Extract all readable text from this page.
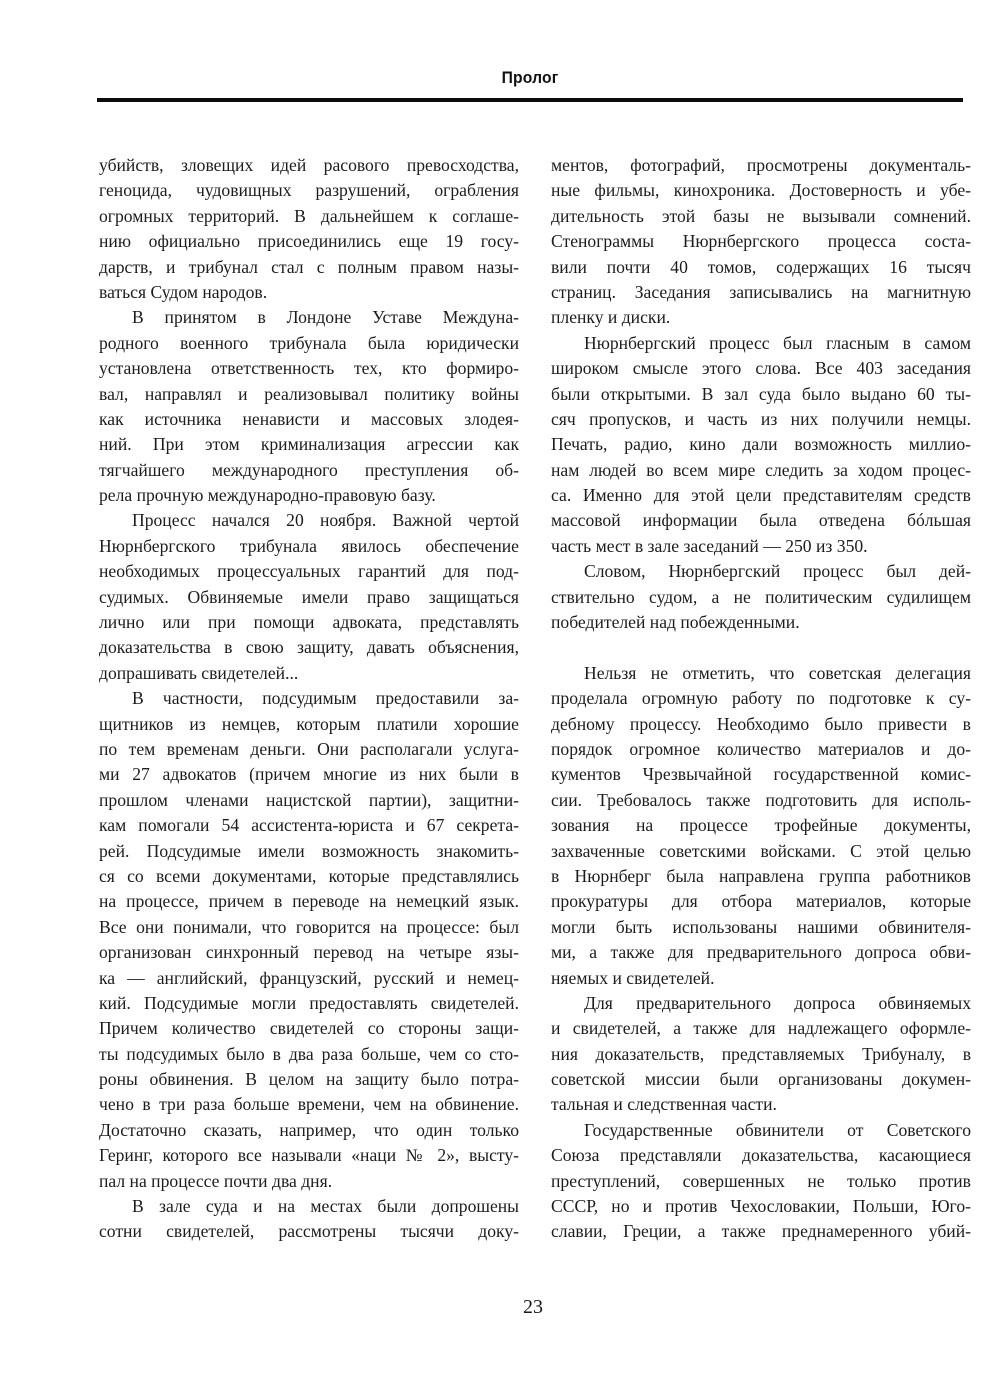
Пролог
убийств, зловещих идей расового превосходства,
геноцида, чудовищных разрушений, ограбления
огромных территорий. В дальнейшем к соглаше-
нию официально присоединились еще 19 госу-
дарств, и трибунал стал с полным правом назы-
ваться Судом народов.
В принятом в Лондоне Уставе Междуна-
родного военного трибунала была юридически
установлена ответственность тех, кто формиро-
вал, направлял и реализовывал политику войны
как источника ненависти и массовых злодея-
ний. При этом криминализация агрессии как
тягчайшего международного преступления об-
рела прочную международно-правовую базу.
Процесс начался 20 ноября. Важной чертой
Нюрнбергского трибунала явилось обеспечение
необходимых процессуальных гарантий для под-
судимых. Обвиняемые имели право защищаться
лично или при помощи адвоката, представлять
доказательства в свою защиту, давать объяснения,
допрашивать свидетелей...
В частности, подсудимым предоставили за-
щитников из немцев, которым платили хорошие
по тем временам деньги. Они располагали услуга-
ми 27 адвокатов (причем многие из них были в
прошлом членами нацистской партии), защитни-
кам помогали 54 ассистента-юриста и 67 секрета-
рей. Подсудимые имели возможность знакомить-
ся со всеми документами, которые представлялись
на процессе, причем в переводе на немецкий язык.
Все они понимали, что говорится на процессе: был
организован синхронный перевод на четыре язы-
ка — английский, французский, русский и немец-
кий. Подсудимые могли предоставлять свидетелей.
Причем количество свидетелей со стороны защи-
ты подсудимых было в два раза больше, чем со сто-
роны обвинения. В целом на защиту было потра-
чено в три раза больше времени, чем на обвинение.
Достаточно сказать, например, что один только
Геринг, которого все называли «наци № 2», высту-
пал на процессе почти два дня.
В зале суда и на местах были допрошены
сотни свидетелей, рассмотрены тысячи доку-
ментов, фотографий, просмотрены документаль-
ные фильмы, кинохроника. Достоверность и убе-
дительность этой базы не вызывали сомнений.
Стенограммы Нюрнбергского процесса соста-
вили почти 40 томов, содержащих 16 тысяч
страниц. Заседания записывались на магнитную
пленку и диски.
Нюрнбергский процесс был гласным в самом
широком смысле этого слова. Все 403 заседания
были открытыми. В зал суда было выдано 60 ты-
сяч пропусков, и часть из них получили немцы.
Печать, радио, кино дали возможность миллио-
нам людей во всем мире следить за ходом процес-
са. Именно для этой цели представителям средств
массовой информации была отведена бóльшая
часть мест в зале заседаний — 250 из 350.
Словом, Нюрнбергский процесс был дей-
ствительно судом, а не политическим судилищем
победителей над побежденными.
Нельзя не отметить, что советская делегация
проделала огромную работу по подготовке к су-
дебному процессу. Необходимо было привести в
порядок огромное количество материалов и до-
кументов Чрезвычайной государственной комис-
сии. Требовалось также подготовить для исполь-
зования на процессе трофейные документы,
захваченные советскими войсками. С этой целью
в Нюрнберг была направлена группа работников
прокуратуры для отбора материалов, которые
могли быть использованы нашими обвинителя-
ми, а также для предварительного допроса обви-
няемых и свидетелей.
Для предварительного допроса обвиняемых
и свидетелей, а также для надлежащего оформле-
ния доказательств, представляемых Трибуналу, в
советской миссии были организованы докумен-
тальная и следственная части.
Государственные обвинители от Советского
Союза представляли доказательства, касающиеся
преступлений, совершенных не только против
СССР, но и против Чехословакии, Польши, Юго-
славии, Греции, а также преднамеренного убий-
23
